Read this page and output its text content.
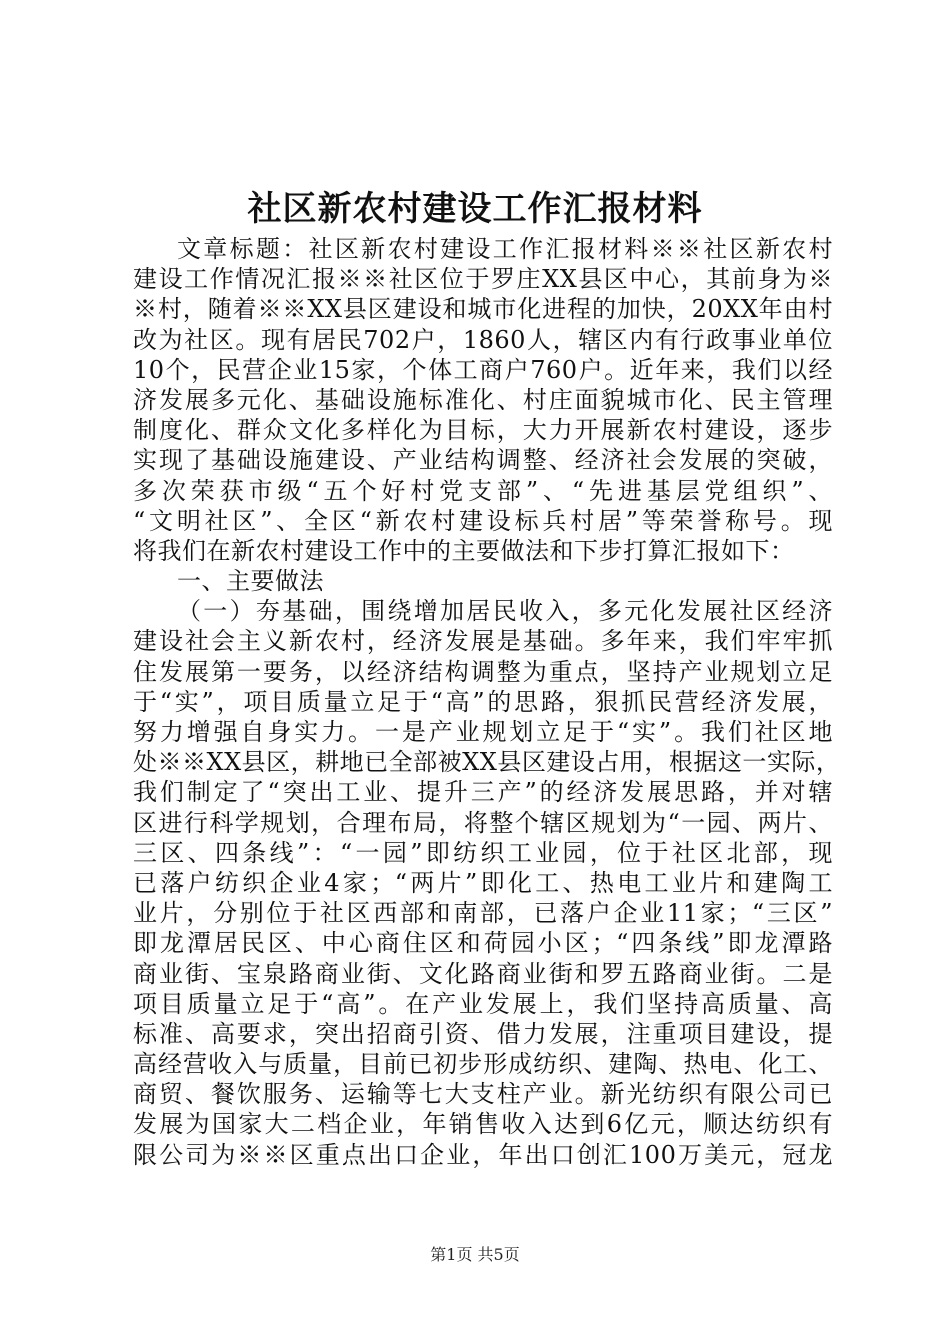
社区新农村建设工作汇报材料
文章标题：社区新农村建设工作汇报材料※※社区新农村
建设工作情况汇报※※社区位于罗庄XX县区中心，其前身为※
※村，随着※※XX县区建设和城市化进程的加快，20XX年由村
改为社区。现有居民702户，1860人，辖区内有行政事业单位
10个，民营企业15家，个体工商户760户。近年来，我们以经
济发展多元化、基础设施标准化、村庄面貌城市化、民主管理
制度化、群众文化多样化为目标，大力开展新农村建设，逐步
实现了基础设施建设、产业结构调整、经济社会发展的突破，
多次荣获市级“五个好村党支部”、“先进基层党组织”、
“文明社区”、全区“新农村建设标兵村居”等荣誉称号。现
将我们在新农村建设工作中的主要做法和下步打算汇报如下：
一、主要做法
（一）夯基础，围绕增加居民收入，多元化发展社区经济
建设社会主义新农村，经济发展是基础。多年来，我们牢牢抓
住发展第一要务，以经济结构调整为重点，坚持产业规划立足
于“实”，项目质量立足于“高”的思路，狠抓民营经济发展，
努力增强自身实力。一是产业规划立足于“实”。我们社区地
处※※XX县区，耕地已全部被XX县区建设占用，根据这一实际，
我们制定了“突出工业、提升三产”的经济发展思路，并对辖
区进行科学规划，合理布局，将整个辖区规划为“一园、两片、
三区、四条线”：“一园”即纺织工业园，位于社区北部，现
已落户纺织企业4家；“两片”即化工、热电工业片和建陶工
业片，分别位于社区西部和南部，已落户企业11家；“三区”
即龙潭居民区、中心商住区和荷园小区；“四条线”即龙潭路
商业街、宝泉路商业街、文化路商业街和罗五路商业街。二是
项目质量立足于“高”。在产业发展上，我们坚持高质量、高
标准、高要求，突出招商引资、借力发展，注重项目建设，提
高经营收入与质量，目前已初步形成纺织、建陶、热电、化工、
商贸、餐饮服务、运输等七大支柱产业。新光纺织有限公司已
发展为国家大二档企业，年销售收入达到6亿元，顺达纺织有
限公司为※※区重点出口企业，年出口创汇100万美元，冠龙
第1页 共5页
